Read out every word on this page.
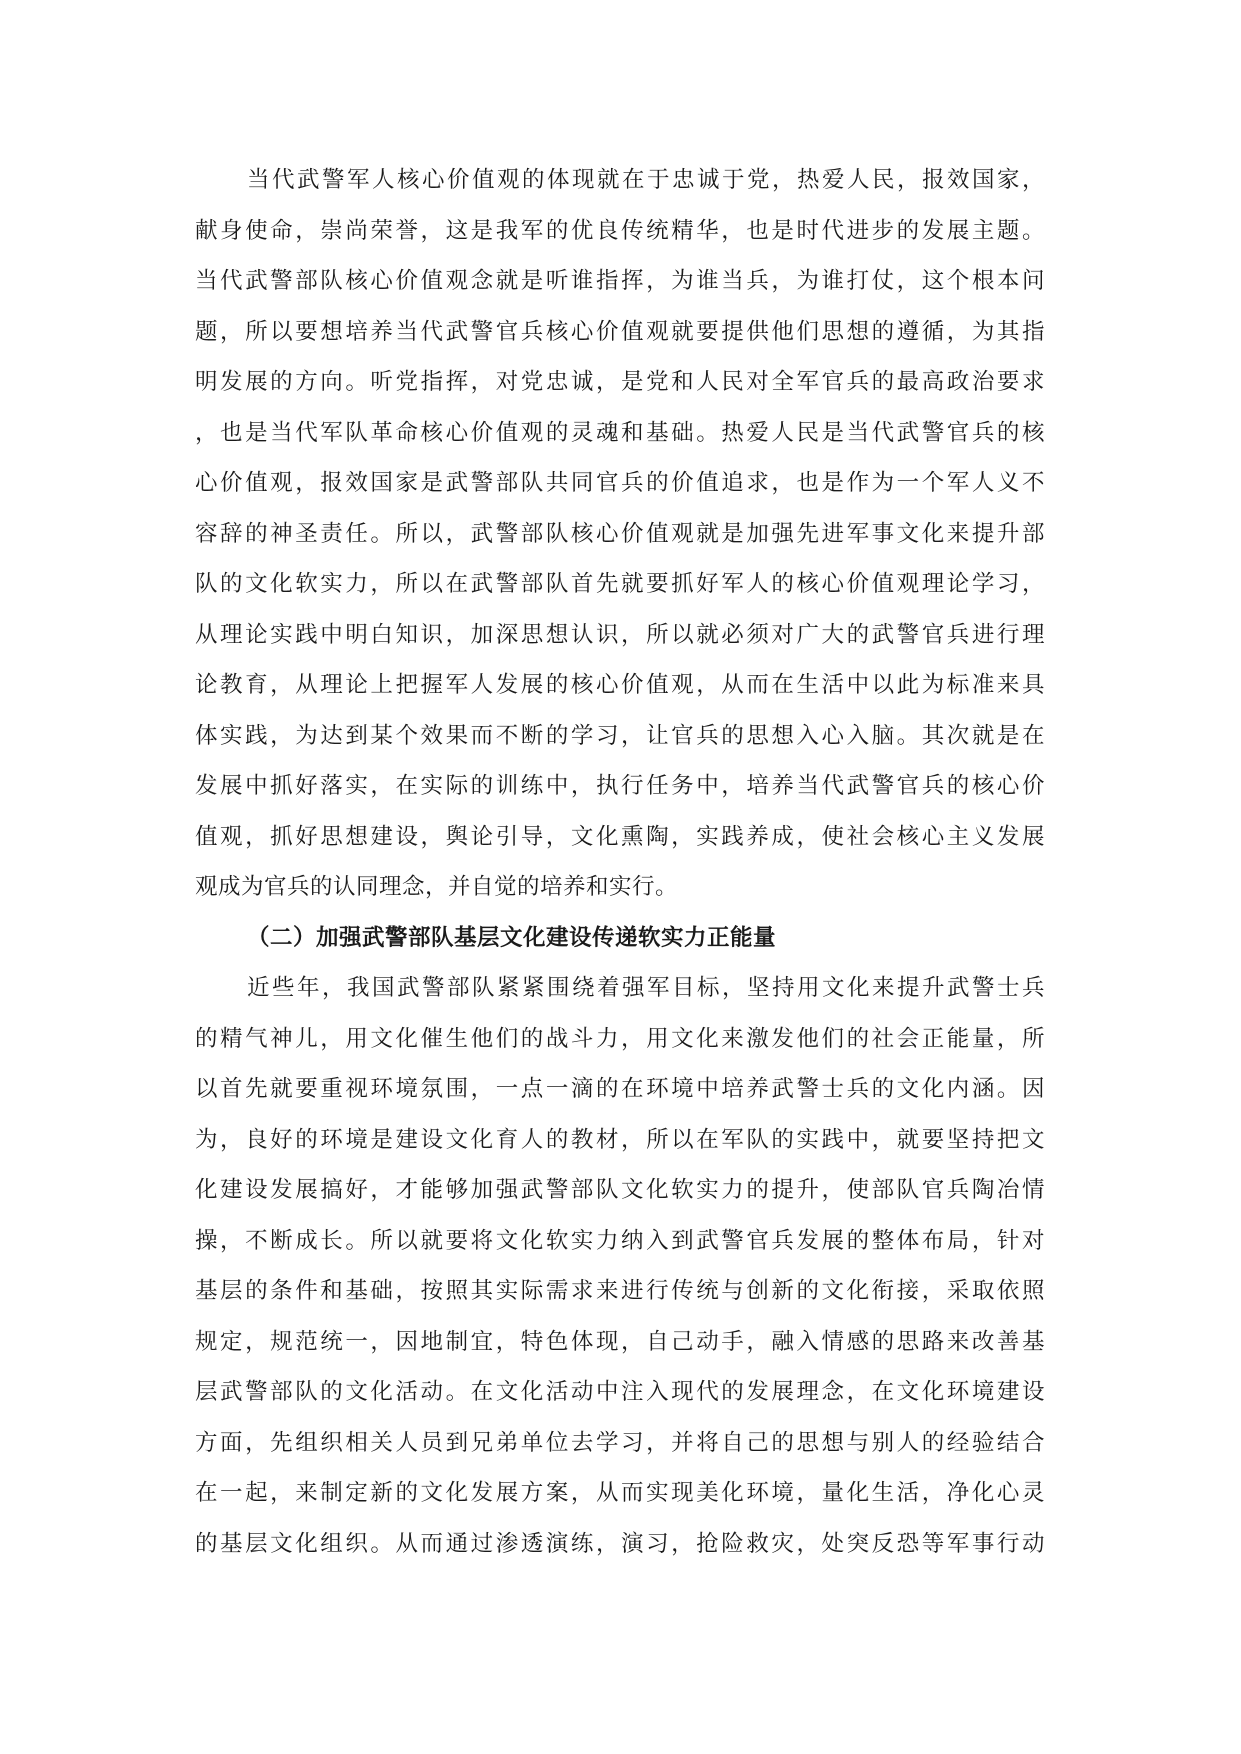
当代武警军人核心价值观的体现就在于忠诚于党，热爱人民，报效国家，
献身使命，崇尚荣誉，这是我军的优良传统精华，也是时代进步的发展主题。
当代武警部队核心价值观念就是听谁指挥，为谁当兵，为谁打仗，这个根本问
题，所以要想培养当代武警官兵核心价值观就要提供他们思想的遵循，为其指
明发展的方向。听党指挥，对党忠诚，是党和人民对全军官兵的最高政治要求
，也是当代军队革命核心价值观的灵魂和基础。热爱人民是当代武警官兵的核
心价值观，报效国家是武警部队共同官兵的价值追求，也是作为一个军人义不
容辞的神圣责任。所以，武警部队核心价值观就是加强先进军事文化来提升部
队的文化软实力，所以在武警部队首先就要抓好军人的核心价值观理论学习，
从理论实践中明白知识，加深思想认识，所以就必须对广大的武警官兵进行理
论教育，从理论上把握军人发展的核心价值观，从而在生活中以此为标准来具
体实践，为达到某个效果而不断的学习，让官兵的思想入心入脑。其次就是在
发展中抓好落实，在实际的训练中，执行任务中，培养当代武警官兵的核心价
值观，抓好思想建设，舆论引导，文化熏陶，实践养成，使社会核心主义发展
观成为官兵的认同理念，并自觉的培养和实行。
（二）加强武警部队基层文化建设传递软实力正能量
近些年，我国武警部队紧紧围绕着强军目标，坚持用文化来提升武警士兵
的精气神儿，用文化催生他们的战斗力，用文化来激发他们的社会正能量，所
以首先就要重视环境氛围，一点一滴的在环境中培养武警士兵的文化内涵。因
为，良好的环境是建设文化育人的教材，所以在军队的实践中，就要坚持把文
化建设发展搞好，才能够加强武警部队文化软实力的提升，使部队官兵陶冶情
操，不断成长。所以就要将文化软实力纳入到武警官兵发展的整体布局，针对
基层的条件和基础，按照其实际需求来进行传统与创新的文化衔接，采取依照
规定，规范统一，因地制宜，特色体现，自己动手，融入情感的思路来改善基
层武警部队的文化活动。在文化活动中注入现代的发展理念，在文化环境建设
方面，先组织相关人员到兄弟单位去学习，并将自己的思想与别人的经验结合
在一起，来制定新的文化发展方案，从而实现美化环境，量化生活，净化心灵
的基层文化组织。从而通过渗透演练，演习，抢险救灾，处突反恐等军事行动
